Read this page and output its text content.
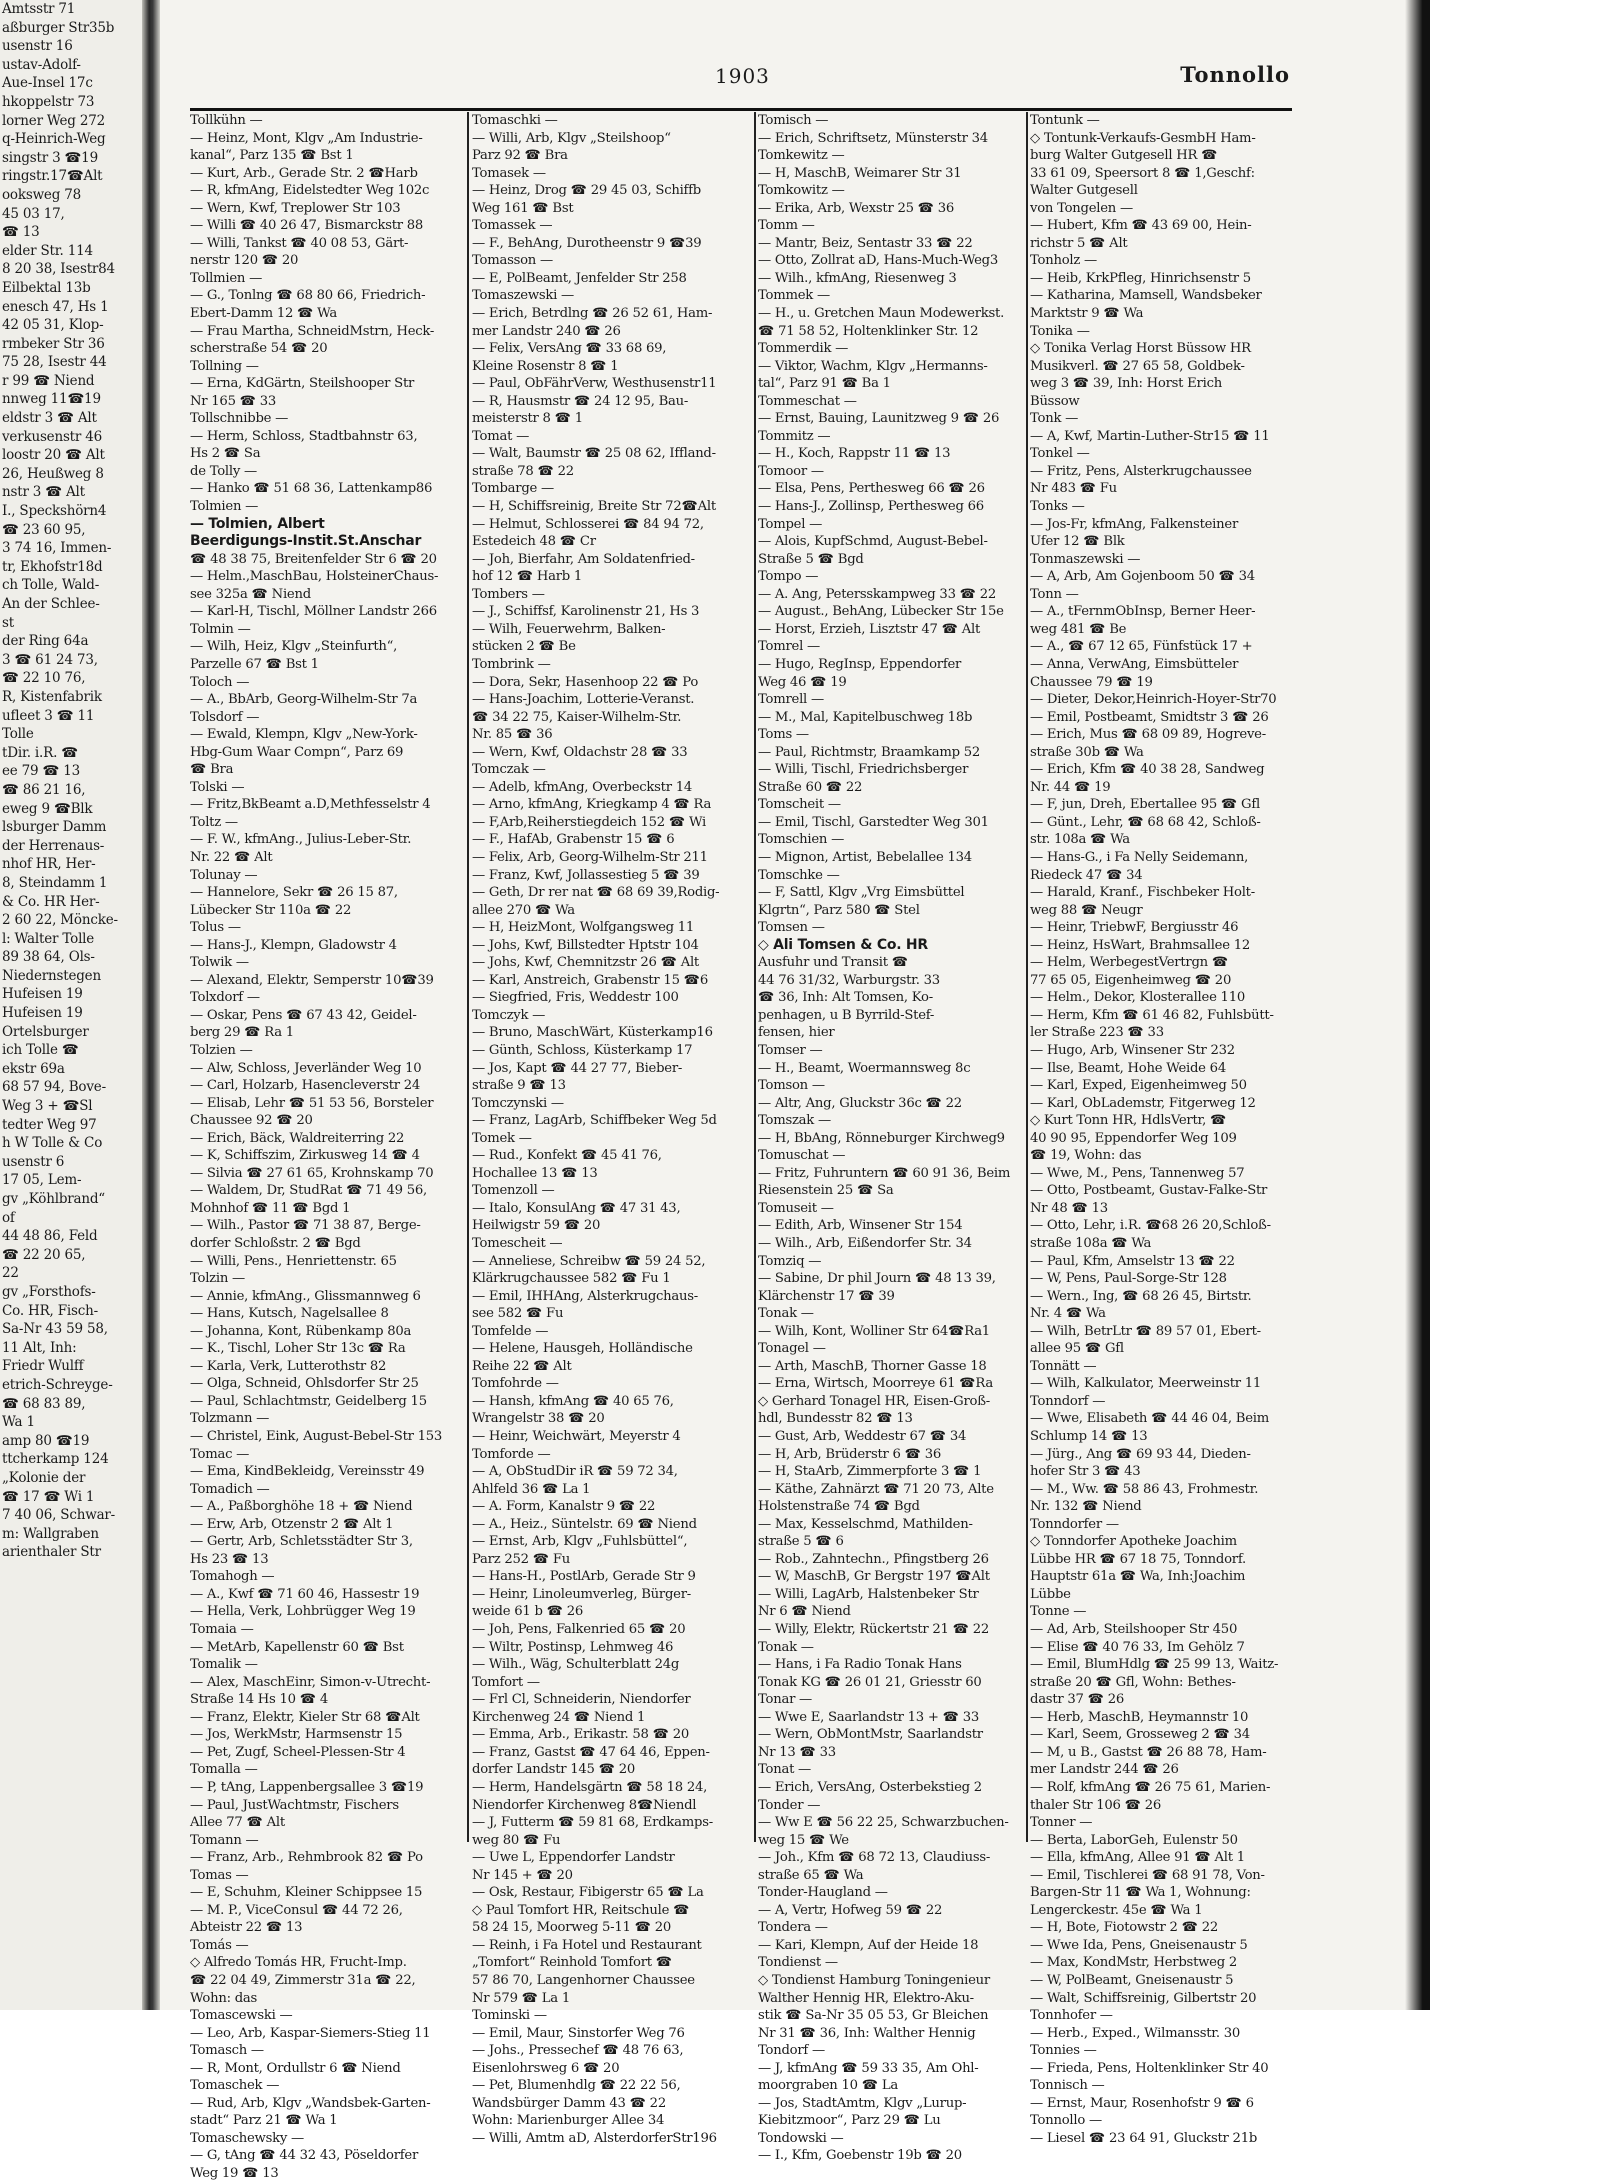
Amtsstr 71
aßburger Str35b
usenstr 16
ustav-Adolf-
Aue-Insel 17c
hkoppelstr 73
lorner Weg 272
q-Heinrich-Weg
singstr 3 ☎19
ringstr.17☎Alt
ooksweg 78
45 03 17,
☎ 13
elder Str. 114
8 20 38, Isestr84
Eilbektal 13b
enesch 47, Hs 1
42 05 31, Klop-
rmbeker Str 36
75 28, Isestr 44
r 99 ☎ Niend
nnweg 11☎19
eldstr 3 ☎ Alt
verkusenstr 46
loostr 20 ☎ Alt
26, Heußweg 8
nstr 3 ☎ Alt
I., Speckshörn4
☎ 23 60 95,
3 74 16, Immen-
tr, Ekhofstr18d
ch Tolle, Wald-
An der Schlee-
st
der Ring 64a
3 ☎ 61 24 73,
☎ 22 10 76,
R, Kistenfabrik
ufleet 3 ☎ 11
Tolle
tDir. i.R. ☎
ee 79 ☎ 13
☎ 86 21 16,
eweg 9 ☎Blk
lsburger Damm
der Herrenaus-
nhof HR, Her-
8, Steindamm 1
& Co. HR Her-
2 60 22, Möncke-
l: Walter Tolle
89 38 64, Ols-
Niedernstegen
Hufeisen 19
Hufeisen 19
Ortelsburger
ich Tolle ☎
ekstr 69a
68 57 94, Bove-
Weg 3 + ☎Sl
tedter Weg 97
h W Tolle & Co
usenstr 6
17 05, Lem-
gv „Köhlbrand“
of
44 48 86, Feld
☎ 22 20 65,
22
gv „Forsthofs-
Co. HR, Fisch-
Sa-Nr 43 59 58,
11 Alt, Inh:
Friedr Wulff
etrich-Schreyge-
☎ 68 83 89,
Wa 1
amp 80 ☎19
ttcherkamp 124
„Kolonie der
☎ 17 ☎ Wi 1
7 40 06, Schwar-
m: Wallgraben
arienthaler Str
1903	Tonnollo
Tollkühn —
— Heinz, Mont, Klgv „Am Industrie-
kanal“, Parz 135 ☎ Bst 1
— Kurt, Arb., Gerade Str. 2 ☎Harb
— R, kfmAng, Eidelstedter Weg 102c
— Wern, Kwf, Treplower Str 103
— Willi ☎ 40 26 47, Bismarckstr 88
— Willi, Tankst ☎ 40 08 53, Gärt-
nerstr 120 ☎ 20
Tollmien —
— G., Tonlng ☎ 68 80 66, Friedrich-
Ebert-Damm 12 ☎ Wa
— Frau Martha, SchneidMstrn, Heck-
scherstraße 54 ☎ 20
Tollning —
— Erna, KdGärtn, Steilshooper Str
Nr 165 ☎ 33
Tollschnibbe —
— Herm, Schloss, Stadtbahnstr 63,
Hs 2 ☎ Sa
de Tolly —
— Hanko ☎ 51 68 36, Lattenkamp86
Tolmien —
— Tolmien, Albert
Beerdigungs-Instit.St.Anschar
☎ 48 38 75, Breitenfelder Str 6 ☎ 20
— Helm.,MaschBau, HolsteinerChaus-
see 325a ☎ Niend
— Karl-H, Tischl, Möllner Landstr 266
Tolmin —
— Wilh, Heiz, Klgv „Steinfurth“,
Parzelle 67 ☎ Bst 1
Toloch —
— A., BbArb, Georg-Wilhelm-Str 7a
Tolsdorf —
— Ewald, Klempn, Klgv „New-York-
Hbg-Gum Waar Compn“, Parz 69
☎ Bra
Tolski —
— Fritz,BkBeamt a.D,Methfesselstr 4
Toltz —
— F. W., kfmAng., Julius-Leber-Str.
Nr. 22 ☎ Alt
Tolunay —
— Hannelore, Sekr ☎ 26 15 87,
Lübecker Str 110a ☎ 22
Tolus —
— Hans-J., Klempn, Gladowstr 4
Tolwik —
— Alexand, Elektr, Semperstr 10☎39
Tolxdorf —
— Oskar, Pens ☎ 67 43 42, Geidel-
berg 29 ☎ Ra 1
Tolzien —
— Alw, Schloss, Jeverländer Weg 10
— Carl, Holzarb, Hasencleverstr 24
— Elisab, Lehr ☎ 51 53 56, Borsteler
Chaussee 92 ☎ 20
— Erich, Bäck, Waldreiterring 22
— K, Schiffszim, Zirkusweg 14 ☎ 4
— Silvia ☎ 27 61 65, Krohnskamp 70
— Waldem, Dr, StudRat ☎ 71 49 56,
Mohnhof ☎ 11 ☎ Bgd 1
— Wilh., Pastor ☎ 71 38 87, Berge-
dorfer Schloßstr. 2 ☎ Bgd
— Willi, Pens., Henriettenstr. 65
Tolzin —
— Annie, kfmAng., Glissmannweg 6
— Hans, Kutsch, Nagelsallee 8
— Johanna, Kont, Rübenkamp 80a
— K., Tischl, Loher Str 13c ☎ Ra
— Karla, Verk, Lutterothstr 82
— Olga, Schneid, Ohlsdorfer Str 25
— Paul, Schlachtmstr, Geidelberg 15
Tolzmann —
— Christel, Eink, August-Bebel-Str 153
Tomac —
— Ema, KindBekleidg, Vereinsstr 49
Tomadich —
— A., Paßborghöhe 18 + ☎ Niend
— Erw, Arb, Otzenstr 2 ☎ Alt 1
— Gertr, Arb, Schletsstädter Str 3,
Hs 23 ☎ 13
Tomahogh —
— A., Kwf ☎ 71 60 46, Hassestr 19
— Hella, Verk, Lohbrügger Weg 19
Tomaia —
— MetArb, Kapellenstr 60 ☎ Bst
Tomalik —
— Alex, MaschEinr, Simon-v-Utrecht-
Straße 14 Hs 10 ☎ 4
— Franz, Elektr, Kieler Str 68 ☎Alt
— Jos, WerkMstr, Harmsenstr 15
— Pet, Zugf, Scheel-Plessen-Str 4
Tomalla —
— P, tAng, Lappenbergsallee 3 ☎19
— Paul, JustWachtmstr, Fischers
Allee 77 ☎ Alt
Tomann —
— Franz, Arb., Rehmbrook 82 ☎ Po
Tomas —
— E, Schuhm, Kleiner Schippsee 15
— M. P., ViceConsul ☎ 44 72 26,
Abteistr 22 ☎ 13
Tomás —
◇ Alfredo Tomás HR, Frucht-Imp.
☎ 22 04 49, Zimmerstr 31a ☎ 22,
Wohn: das
Tomascewski —
— Leo, Arb, Kaspar-Siemers-Stieg 11
Tomasch —
— R, Mont, Ordullstr 6 ☎ Niend
Tomaschek —
— Rud, Arb, Klgv „Wandsbek-Garten-
stadt“ Parz 21 ☎ Wa 1
Tomaschewsky —
— G, tAng ☎ 44 32 43, Pöseldorfer
Weg 19 ☎ 13
Tomaschki —
— Willi, Arb, Klgv „Steilshoop“
Parz 92 ☎ Bra
Tomasek —
— Heinz, Drog ☎ 29 45 03, Schiffb
Weg 161 ☎ Bst
Tomassek —
— F., BehAng, Durotheenstr 9 ☎39
Tomasson —
— E, PolBeamt, Jenfelder Str 258
Tomaszewski —
— Erich, Betrdlng ☎ 26 52 61, Ham-
mer Landstr 240 ☎ 26
— Felix, VersAng ☎ 33 68 69,
Kleine Rosenstr 8 ☎ 1
— Paul, ObFährVerw, Westhusenstr11
— R, Hausmstr ☎ 24 12 95, Bau-
meisterstr 8 ☎ 1
Tomat —
— Walt, Baumstr ☎ 25 08 62, Iffland-
straße 78 ☎ 22
Tombarge —
— H, Schiffsreinig, Breite Str 72☎Alt
— Helmut, Schlosserei ☎ 84 94 72,
Estedeich 48 ☎ Cr
— Joh, Bierfahr, Am Soldatenfried-
hof 12 ☎ Harb 1
Tombers —
— J., Schiffsf, Karolinenstr 21, Hs 3
— Wilh, Feuerwehrm, Balken-
stücken 2 ☎ Be
Tombrink —
— Dora, Sekr, Hasenhoop 22 ☎ Po
— Hans-Joachim, Lotterie-Veranst.
☎ 34 22 75, Kaiser-Wilhelm-Str.
Nr. 85 ☎ 36
— Wern, Kwf, Oldachstr 28 ☎ 33
Tomczak —
— Adelb, kfmAng, Overbeckstr 14
— Arno, kfmAng, Kriegkamp 4 ☎ Ra
— F,Arb,Reiherstiegdeich 152 ☎ Wi
— F., HafAb, Grabenstr 15 ☎ 6
— Felix, Arb, Georg-Wilhelm-Str 211
— Franz, Kwf, Jollassestieg 5 ☎ 39
— Geth, Dr rer nat ☎ 68 69 39,Rodig-
allee 270 ☎ Wa
— H, HeizMont, Wolfgangsweg 11
— Johs, Kwf, Billstedter Hptstr 104
— Johs, Kwf, Chemnitzstr 26 ☎ Alt
— Karl, Anstreich, Grabenstr 15 ☎6
— Siegfried, Fris, Weddestr 100
Tomczyk —
— Bruno, MaschWärt, Küsterkamp16
— Günth, Schloss, Küsterkamp 17
— Jos, Kapt ☎ 44 27 77, Bieber-
straße 9 ☎ 13
Tomczynski —
— Franz, LagArb, Schiffbeker Weg 5d
Tomek —
— Rud., Konfekt ☎ 45 41 76,
Hochallee 13 ☎ 13
Tomenzoll —
— Italo, KonsulAng ☎ 47 31 43,
Heilwigstr 59 ☎ 20
Tomescheit —
— Anneliese, Schreibw ☎ 59 24 52,
Klärkrugchaussee 582 ☎ Fu 1
— Emil, IHHAng, Alsterkrugchaus-
see 582 ☎ Fu
Tomfelde —
— Helene, Hausgeh, Holländische
Reihe 22 ☎ Alt
Tomfohrde —
— Hansh, kfmAng ☎ 40 65 76,
Wrangelstr 38 ☎ 20
— Heinr, Weichwärt, Meyerstr 4
Tomforde —
— A, ObStudDir iR ☎ 59 72 34,
Ahlfeld 36 ☎ La 1
— A. Form, Kanalstr 9 ☎ 22
— A., Heiz., Süntelstr. 69 ☎ Niend
— Ernst, Arb, Klgv „Fuhlsbüttel“,
Parz 252 ☎ Fu
— Hans-H., PostlArb, Gerade Str 9
— Heinr, Linoleumverleg, Bürger-
weide 61 b ☎ 26
— Joh, Pens, Falkenried 65 ☎ 20
— Wiltr, Postinsp, Lehmweg 46
— Wilh., Wäg, Schulterblatt 24g
Tomfort —
— Frl Cl, Schneiderin, Niendorfer
Kirchenweg 24 ☎ Niend 1
— Emma, Arb., Erikastr. 58 ☎ 20
— Franz, Gastst ☎ 47 64 46, Eppen-
dorfer Landstr 145 ☎ 20
— Herm, Handelsgärtn ☎ 58 18 24,
Niendorfer Kirchenweg 8☎Niendl
— J, Futterm ☎ 59 81 68, Erdkamps-
weg 80 ☎ Fu
— Uwe L, Eppendorfer Landstr
Nr 145 + ☎ 20
— Osk, Restaur, Fibigerstr 65 ☎ La
◇ Paul Tomfort HR, Reitschule ☎
58 24 15, Moorweg 5-11 ☎ 20
— Reinh, i Fa Hotel und Restaurant
„Tomfort“ Reinhold Tomfort ☎
57 86 70, Langenhorner Chaussee
Nr 579 ☎ La 1
Tominski —
— Emil, Maur, Sinstorfer Weg 76
— Johs., Pressechef ☎ 48 76 63,
Eisenlohrsweg 6 ☎ 20
— Pet, Blumenhdlg ☎ 22 22 56,
Wandsbürger Damm 43 ☎ 22
Wohn: Marienburger Allee 34
— Willi, Amtm aD, AlsterdorferStr196
Tomisch —
— Erich, Schriftsetz, Münsterstr 34
Tomkewitz —
— H, MaschB, Weimarer Str 31
Tomkowitz —
— Erika, Arb, Wexstr 25 ☎ 36
Tomm —
— Mantr, Beiz, Sentastr 33 ☎ 22
— Otto, Zollrat aD, Hans-Much-Weg3
— Wilh., kfmAng, Riesenweg 3
Tommek —
— H., u. Gretchen Maun Modewerkst.
☎ 71 58 52, Holtenklinker Str. 12
Tommerdik —
— Viktor, Wachm, Klgv „Hermanns-
tal“, Parz 91 ☎ Ba 1
Tommeschat —
— Ernst, Bauing, Launitzweg 9 ☎ 26
Tommitz —
— H., Koch, Rappstr 11 ☎ 13
Tomoor —
— Elsa, Pens, Perthesweg 66 ☎ 26
— Hans-J., Zollinsp, Perthesweg 66
Tompel —
— Alois, KupfSchmd, August-Bebel-
Straße 5 ☎ Bgd
Tompo —
— A. Ang, Petersskampweg 33 ☎ 22
— August., BehAng, Lübecker Str 15e
— Horst, Erzieh, Lisztstr 47 ☎ Alt
Tomrel —
— Hugo, RegInsp, Eppendorfer
Weg 46 ☎ 19
Tomrell —
— M., Mal, Kapitelbuschweg 18b
Toms —
— Paul, Richtmstr, Braamkamp 52
— Willi, Tischl, Friedrichsberger
Straße 60 ☎ 22
Tomscheit —
— Emil, Tischl, Garstedter Weg 301
Tomschien —
— Mignon, Artist, Bebelallee 134
Tomschke —
— F, Sattl, Klgv „Vrg Eimsbüttel
Klgrtn“, Parz 580 ☎ Stel
Tomsen —
◇ Ali Tomsen & Co. HR
Ausfuhr und Transit ☎
44 76 31/32, Warburgstr. 33
☎ 36, Inh: Alt Tomsen, Ko-
penhagen, u B Byrrild-Stef-
fensen, hier
Tomser —
— H., Beamt, Woermannsweg 8c
Tomson —
— Altr, Ang, Gluckstr 36c ☎ 22
Tomszak —
— H, BbAng, Rönneburger Kirchweg9
Tomuschat —
— Fritz, Fuhruntern ☎ 60 91 36, Beim
Riesenstein 25 ☎ Sa
Tomuseit —
— Edith, Arb, Winsener Str 154
— Wilh., Arb, Eißendorfer Str. 34
Tomziq —
— Sabine, Dr phil Journ ☎ 48 13 39,
Klärchenstr 17 ☎ 39
Tonak —
— Wilh, Kont, Wolliner Str 64☎Ra1
Tonagel —
— Arth, MaschB, Thorner Gasse 18
— Erna, Wirtsch, Moorreye 61 ☎Ra
◇ Gerhard Tonagel HR, Eisen-Groß-
hdl, Bundesstr 82 ☎ 13
— Gust, Arb, Weddestr 67 ☎ 34
— H, Arb, Brüderstr 6 ☎ 36
— H, StaArb, Zimmerpforte 3 ☎ 1
— Käthe, Zahnärzt ☎ 71 20 73, Alte
Holstenstraße 74 ☎ Bgd
— Max, Kesselschmd, Mathilden-
straße 5 ☎ 6
— Rob., Zahntechn., Pfingstberg 26
— W, MaschB, Gr Bergstr 197 ☎Alt
— Willi, LagArb, Halstenbeker Str
Nr 6 ☎ Niend
— Willy, Elektr, Rückertstr 21 ☎ 22
Tonak —
— Hans, i Fa Radio Tonak Hans
Tonak KG ☎ 26 01 21, Griesstr 60
Tonar —
— Wwe E, Saarlandstr 13 + ☎ 33
— Wern, ObMontMstr, Saarlandstr
Nr 13 ☎ 33
Tonat —
— Erich, VersAng, Osterbekstieg 2
Tonder —
— Ww E ☎ 56 22 25, Schwarzbuchen-
weg 15 ☎ We
— Joh., Kfm ☎ 68 72 13, Claudiuss-
straße 65 ☎ Wa
Tonder-Haugland —
— A, Vertr, Hofweg 59 ☎ 22
Tondera —
— Kari, Klempn, Auf der Heide 18
Tondienst —
◇ Tondienst Hamburg Toningenieur
Walther Hennig HR, Elektro-Aku-
stik ☎ Sa-Nr 35 05 53, Gr Bleichen
Nr 31 ☎ 36, Inh: Walther Hennig
Tondorf —
— J, kfmAng ☎ 59 33 35, Am Ohl-
moorgraben 10 ☎ La
— Jos, StadtAmtm, Klgv „Lurup-
Kiebitzmoor“, Parz 29 ☎ Lu
Tondowski —
— I., Kfm, Goebenstr 19b ☎ 20
Tontunk —
◇ Tontunk-Verkaufs-GesmbH Ham-
burg Walter Gutgesell HR ☎
33 61 09, Speersort 8 ☎ 1,Geschf:
Walter Gutgesell
von Tongelen —
— Hubert, Kfm ☎ 43 69 00, Hein-
richstr 5 ☎ Alt
Tonholz —
— Heib, KrkPfleg, Hinrichsenstr 5
— Katharina, Mamsell, Wandsbeker
Marktstr 9 ☎ Wa
Tonika —
◇ Tonika Verlag Horst Büssow HR
Musikverl. ☎ 27 65 58, Goldbek-
weg 3 ☎ 39, Inh: Horst Erich
Büssow
Tonk —
— A, Kwf, Martin-Luther-Str15 ☎ 11
Tonkel —
— Fritz, Pens, Alsterkrugchaussee
Nr 483 ☎ Fu
Tonks —
— Jos-Fr, kfmAng, Falkensteiner
Ufer 12 ☎ Blk
Tonmaszewski —
— A, Arb, Am Gojenboom 50 ☎ 34
Tonn —
— A., tFernmObInsp, Berner Heer-
weg 481 ☎ Be
— A., ☎ 67 12 65, Fünfstück 17 +
— Anna, VerwAng, Eimsbütteler
Chaussee 79 ☎ 19
— Dieter, Dekor,Heinrich-Hoyer-Str70
— Emil, Postbeamt, Smidtstr 3 ☎ 26
— Erich, Mus ☎ 68 09 89, Hogreve-
straße 30b ☎ Wa
— Erich, Kfm ☎ 40 38 28, Sandweg
Nr. 44 ☎ 19
— F, jun, Dreh, Ebertallee 95 ☎ Gfl
— Günt., Lehr, ☎ 68 68 42, Schloß-
str. 108a ☎ Wa
— Hans-G., i Fa Nelly Seidemann,
Riedeck 47 ☎ 34
— Harald, Kranf., Fischbeker Holt-
weg 88 ☎ Neugr
— Heinr, TriebwF, Bergiusstr 46
— Heinz, HsWart, Brahmsallee 12
— Helm, WerbegestVertrgn ☎
77 65 05, Eigenheimweg ☎ 20
— Helm., Dekor, Klosterallee 110
— Herm, Kfm ☎ 61 46 82, Fuhlsbütt-
ler Straße 223 ☎ 33
— Hugo, Arb, Winsener Str 232
— Ilse, Beamt, Hohe Weide 64
— Karl, Exped, Eigenheimweg 50
— Karl, ObLademstr, Fitgerweg 12
◇ Kurt Tonn HR, HdlsVertr, ☎
40 90 95, Eppendorfer Weg 109
☎ 19, Wohn: das
— Wwe, M., Pens, Tannenweg 57
— Otto, Postbeamt, Gustav-Falke-Str
Nr 48 ☎ 13
— Otto, Lehr, i.R. ☎68 26 20,Schloß-
straße 108a ☎ Wa
— Paul, Kfm, Amselstr 13 ☎ 22
— W, Pens, Paul-Sorge-Str 128
— Wern., Ing, ☎ 68 26 45, Birtstr.
Nr. 4 ☎ Wa
— Wilh, BetrLtr ☎ 89 57 01, Ebert-
allee 95 ☎ Gfl
Tonnätt —
— Wilh, Kalkulator, Meerweinstr 11
Tonndorf —
— Wwe, Elisabeth ☎ 44 46 04, Beim
Schlump 14 ☎ 13
— Jürg., Ang ☎ 69 93 44, Dieden-
hofer Str 3 ☎ 43
— M., Ww. ☎ 58 86 43, Frohmestr.
Nr. 132 ☎ Niend
Tonndorfer —
◇ Tonndorfer Apotheke Joachim
Lübbe HR ☎ 67 18 75, Tonndorf.
Hauptstr 61a ☎ Wa, Inh:Joachim
Lübbe
Tonne —
— Ad, Arb, Steilshooper Str 450
— Elise ☎ 40 76 33, Im Gehölz 7
— Emil, BlumHdlg ☎ 25 99 13, Waitz-
straße 20 ☎ Gfl, Wohn: Bethes-
dastr 37 ☎ 26
— Herb, MaschB, Heymannstr 10
— Karl, Seem, Grosseweg 2 ☎ 34
— M, u B., Gastst ☎ 26 88 78, Ham-
mer Landstr 244 ☎ 26
— Rolf, kfmAng ☎ 26 75 61, Marien-
thaler Str 106 ☎ 26
Tonner —
— Berta, LaborGeh, Eulenstr 50
— Ella, kfmAng, Allee 91 ☎ Alt 1
— Emil, Tischlerei ☎ 68 91 78, Von-
Bargen-Str 11 ☎ Wa 1, Wohnung:
Lengerckestr. 45e ☎ Wa 1
— H, Bote, Fiotowstr 2 ☎ 22
— Wwe Ida, Pens, Gneisenaustr 5
— Max, KondMstr, Herbstweg 2
— W, PolBeamt, Gneisenaustr 5
— Walt, Schiffsreinig, Gilbertstr 20
Tonnhofer —
— Herb., Exped., Wilmansstr. 30
Tonnies —
— Frieda, Pens, Holtenklinker Str 40
Tonnisch —
— Ernst, Maur, Rosenhofstr 9 ☎ 6
Tonnollo —
— Liesel ☎ 23 64 91, Gluckstr 21b
